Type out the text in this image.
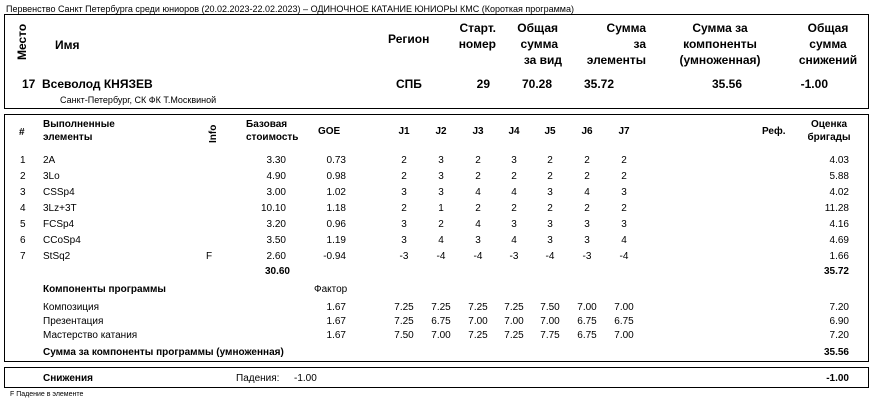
Первенство Санкт Петербурга среди юниоров (20.02.2023-22.02.2023) – ОДИНОЧНОЕ КАТАНИЕ ЮНИОРЫ КМС (Короткая программа)
Место Имя	Регион
Старт.
номер
Общая
сумма
за вид
Сумма
за
элементы
Сумма за
компоненты
(умноженная)
Общая
сумма
снижений
17 Всеволод КНЯЗЕВ
Санкт-Петербург, СК ФК Т.Москвиной
СПБ	29	70.28	35.72	35.56	-1.00
#
Выполненные
элементы	Info
Базовая
стоимость
GOE	J1	J2	J3	J4	J5	J6	J7	Реф.
Оценка
бригады
1 2A	3.30	0.73	2	3	2	3	2	2	2	4.03
2 3Lo	4.90	0.98	2	3	2	2	2	2	2	5.88
3 CSSp4	3.00	1.02	3	3	4	4	3	4	3	4.02
4 3Lz+3T	10.10	1.18	2	1	2	2	2	2	2	11.28
5 FCSp4	3.20	0.96	3	2	4	3	3	3	3	4.16
6 CCoSp4	3.50	1.19	3	4	3	4	3	3	4	4.69
7 StSq2	F	2.60	-0.94	-3	-4	-4	-3	-4	-3	-4	1.66
30.60	35.72
Компоненты программы	Фактор
Композиция	1.67	7.25	7.25	7.25	7.25	7.50	7.00	7.00	7.20
Презентация	1.67	7.25	6.75	7.00	7.00	7.00	6.75	6.75	6.90
Мастерство катания	1.67	7.50	7.00	7.25	7.25	7.75	6.75	7.00	7.20
Сумма за компоненты программы (умноженная)	35.56
Снижения	Падения: -1.00	-1.00
F Падение в элементе
